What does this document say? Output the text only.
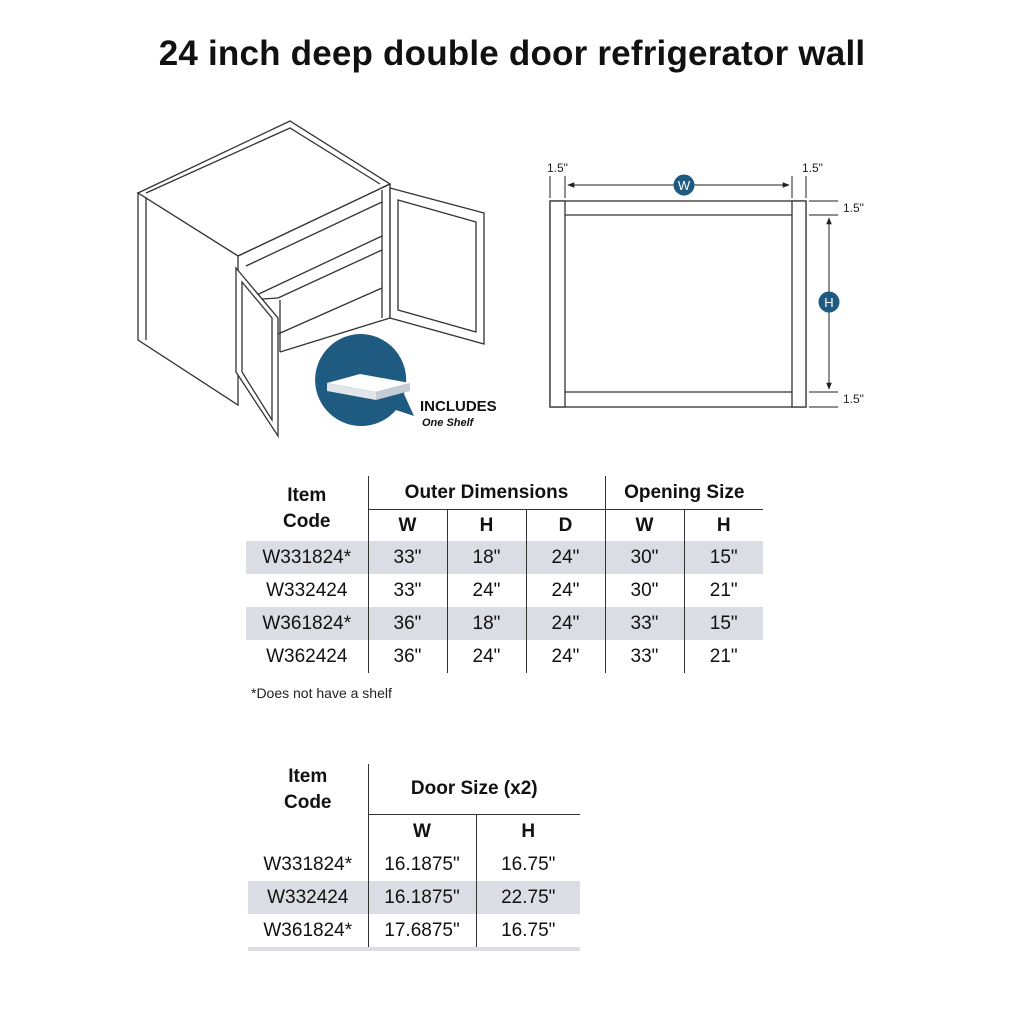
24 inch deep double door refrigerator wall
INCLUDES
One Shelf
1.5"	1.5"
1.5"
1.5"
W
H
Item
Code	Outer Dimensions			Opening Size	
	W	H	D	W	H
W331824*	33"	18"	24"	30"	15"
W332424	33"	24"	24"	30"	21"
W361824*	36"	18"	24"	33"	15"
W362424	36"	24"	24"	33"	21"
*Does not have a shelf
Item
Code	Door Size (x2)	
	W	H
W331824*	16.1875"	16.75"
W332424	16.1875"	22.75"
W361824*	17.6875"	16.75"
